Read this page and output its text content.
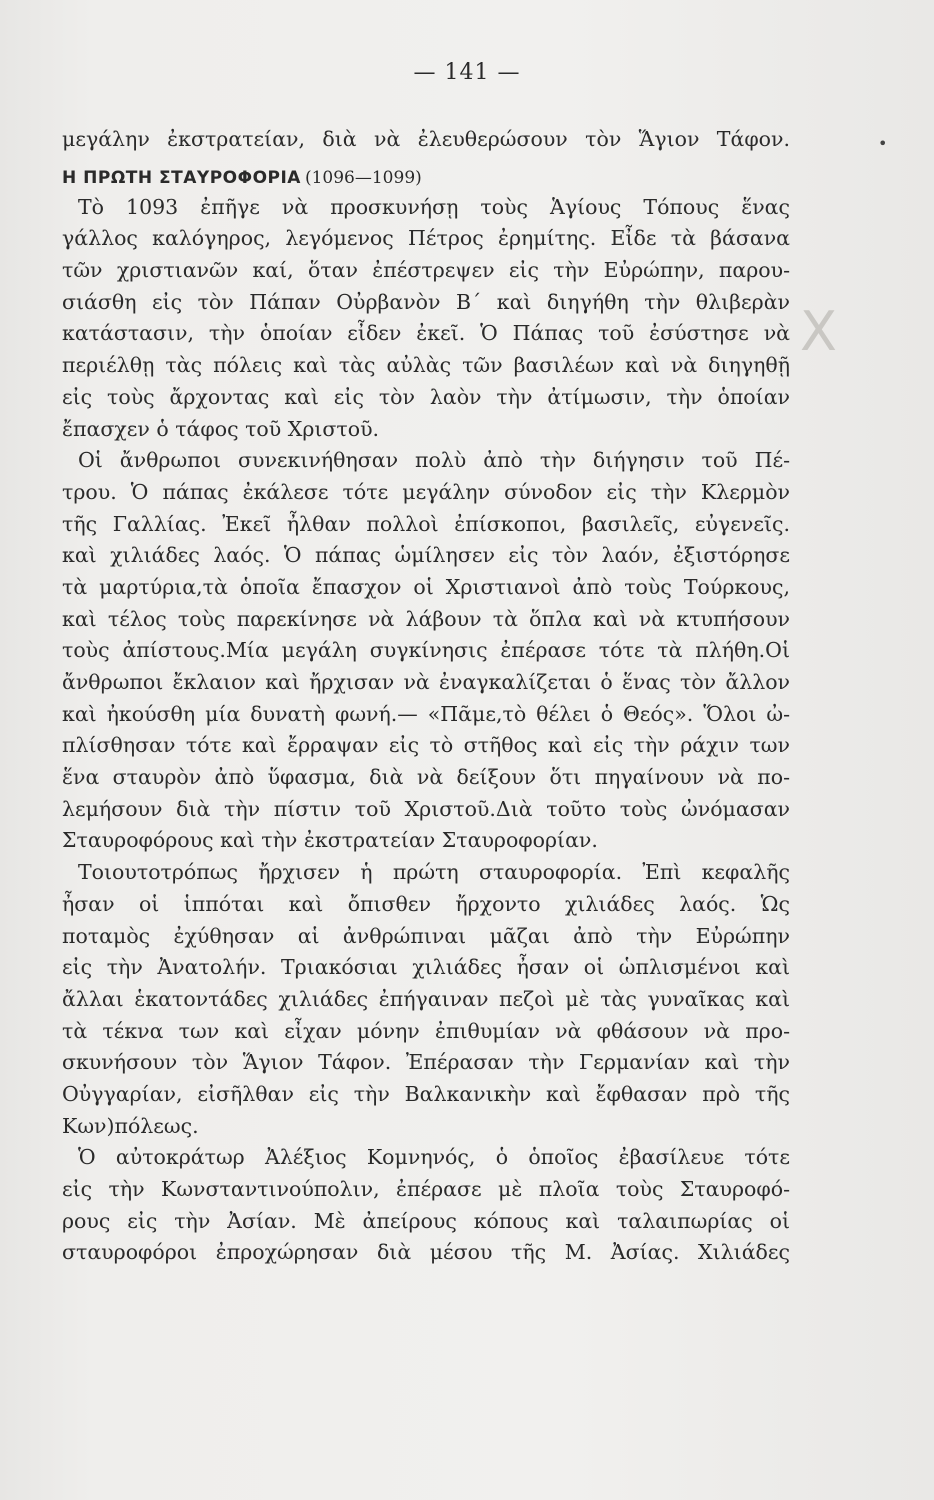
•
X
— 141 —
μεγάλην ἐκστρατείαν, διὰ νὰ ἐλευθερώσουν τὸν Ἅγιον Τάφον.
Η ΠΡΩΤΗ ΣΤΑΥΡΟΦΟΡΙΑ (1096—1099)
Τὸ 1093 ἐπῆγε νὰ προσκυνήσῃ τοὺς Ἁγίους Τόπους ἕνας
γάλλος καλόγηρος, λεγόμενος Πέτρος ἐρημίτης. Εἶδε τὰ βάσανα
τῶν χριστιανῶν καί, ὅταν ἐπέστρεψεν εἰς τὴν Εὐρώπην, παρου-
σιάσθη εἰς τὸν Πάπαν Οὐρβανὸν Β΄ καὶ διηγήθη τὴν θλιβερὰν
κατάστασιν, τὴν ὁποίαν εἶδεν ἐκεῖ. Ὁ Πάπας τοῦ ἐσύστησε νὰ
περιέλθῃ τὰς πόλεις καὶ τὰς αὐλὰς τῶν βασιλέων καὶ νὰ διηγηθῇ
εἰς τοὺς ἄρχοντας καὶ εἰς τὸν λαὸν τὴν ἀτίμωσιν, τὴν ὁποίαν
ἔπασχεν ὁ τάφος τοῦ Χριστοῦ.
Οἱ ἄνθρωποι συνεκινήθησαν πολὺ ἀπὸ τὴν διήγησιν τοῦ Πέ-
τρου. Ὁ πάπας ἐκάλεσε τότε μεγάλην σύνοδον εἰς τὴν Κλερμὸν
τῆς Γαλλίας. Ἐκεῖ ἦλθαν πολλοὶ ἐπίσκοποι, βασιλεῖς, εὐγενεῖς.
καὶ χιλιάδες λαός. Ὁ πάπας ὡμίλησεν εἰς τὸν λαόν, ἐξιστόρησε
τὰ μαρτύρια,τὰ ὁποῖα ἔπασχον οἱ Χριστιανοὶ ἀπὸ τοὺς Τούρκους,
καὶ τέλος τοὺς παρεκίνησε νὰ λάβουν τὰ ὅπλα καὶ νὰ κτυπήσουν
τοὺς ἀπίστους.Μία μεγάλη συγκίνησις ἐπέρασε τότε τὰ πλήθη.Οἱ
ἄνθρωποι ἔκλαιον καὶ ἤρχισαν νὰ ἐναγκαλίζεται ὁ ἕνας τὸν ἄλλον
καὶ ἠκούσθη μία δυνατὴ φωνή.— «Πᾶμε,τὸ θέλει ὁ Θεός». Ὅλοι ὠ-
πλίσθησαν τότε καὶ ἔρραψαν εἰς τὸ στῆθος καὶ εἰς τὴν ράχιν των
ἕνα σταυρὸν ἀπὸ ὕφασμα, διὰ νὰ δείξουν ὅτι πηγαίνουν νὰ πο-
λεμήσουν διὰ τὴν πίστιν τοῦ Χριστοῦ.Διὰ τοῦτο τοὺς ὠνόμασαν
Σταυροφόρους καὶ τὴν ἐκστρατείαν Σταυροφορίαν.
Τοιουτοτρόπως ἤρχισεν ἡ πρώτη σταυροφορία. Ἐπὶ κεφαλῆς
ἦσαν οἱ ἱππόται καὶ ὄπισθεν ἤρχοντο χιλιάδες λαός. Ὡς
ποταμὸς ἐχύθησαν αἱ ἀνθρώπιναι μᾶζαι ἀπὸ τὴν Εὐρώπην
εἰς τὴν Ἀνατολήν. Τριακόσιαι χιλιάδες ἦσαν οἱ ὡπλισμένοι καὶ
ἄλλαι ἑκατοντάδες χιλιάδες ἐπήγαιναν πεζοὶ μὲ τὰς γυναῖκας καὶ
τὰ τέκνα των καὶ εἶχαν μόνην ἐπιθυμίαν νὰ φθάσουν νὰ προ-
σκυνήσουν τὸν Ἅγιον Τάφον. Ἐπέρασαν τὴν Γερμανίαν καὶ τὴν
Οὐγγαρίαν, εἰσῆλθαν εἰς τὴν Βαλκανικὴν καὶ ἔφθασαν πρὸ τῆς
Κων)πόλεως.
Ὁ αὐτοκράτωρ Ἀλέξιος Κομνηνός, ὁ ὁποῖος ἐβασίλευε τότε
εἰς τὴν Κωνσταντινούπολιν, ἐπέρασε μὲ πλοῖα τοὺς Σταυροφό-
ρους εἰς τὴν Ἀσίαν. Μὲ ἀπείρους κόπους καὶ ταλαιπωρίας οἱ
σταυροφόροι ἐπροχώρησαν διὰ μέσου τῆς Μ. Ἀσίας. Χιλιάδες
